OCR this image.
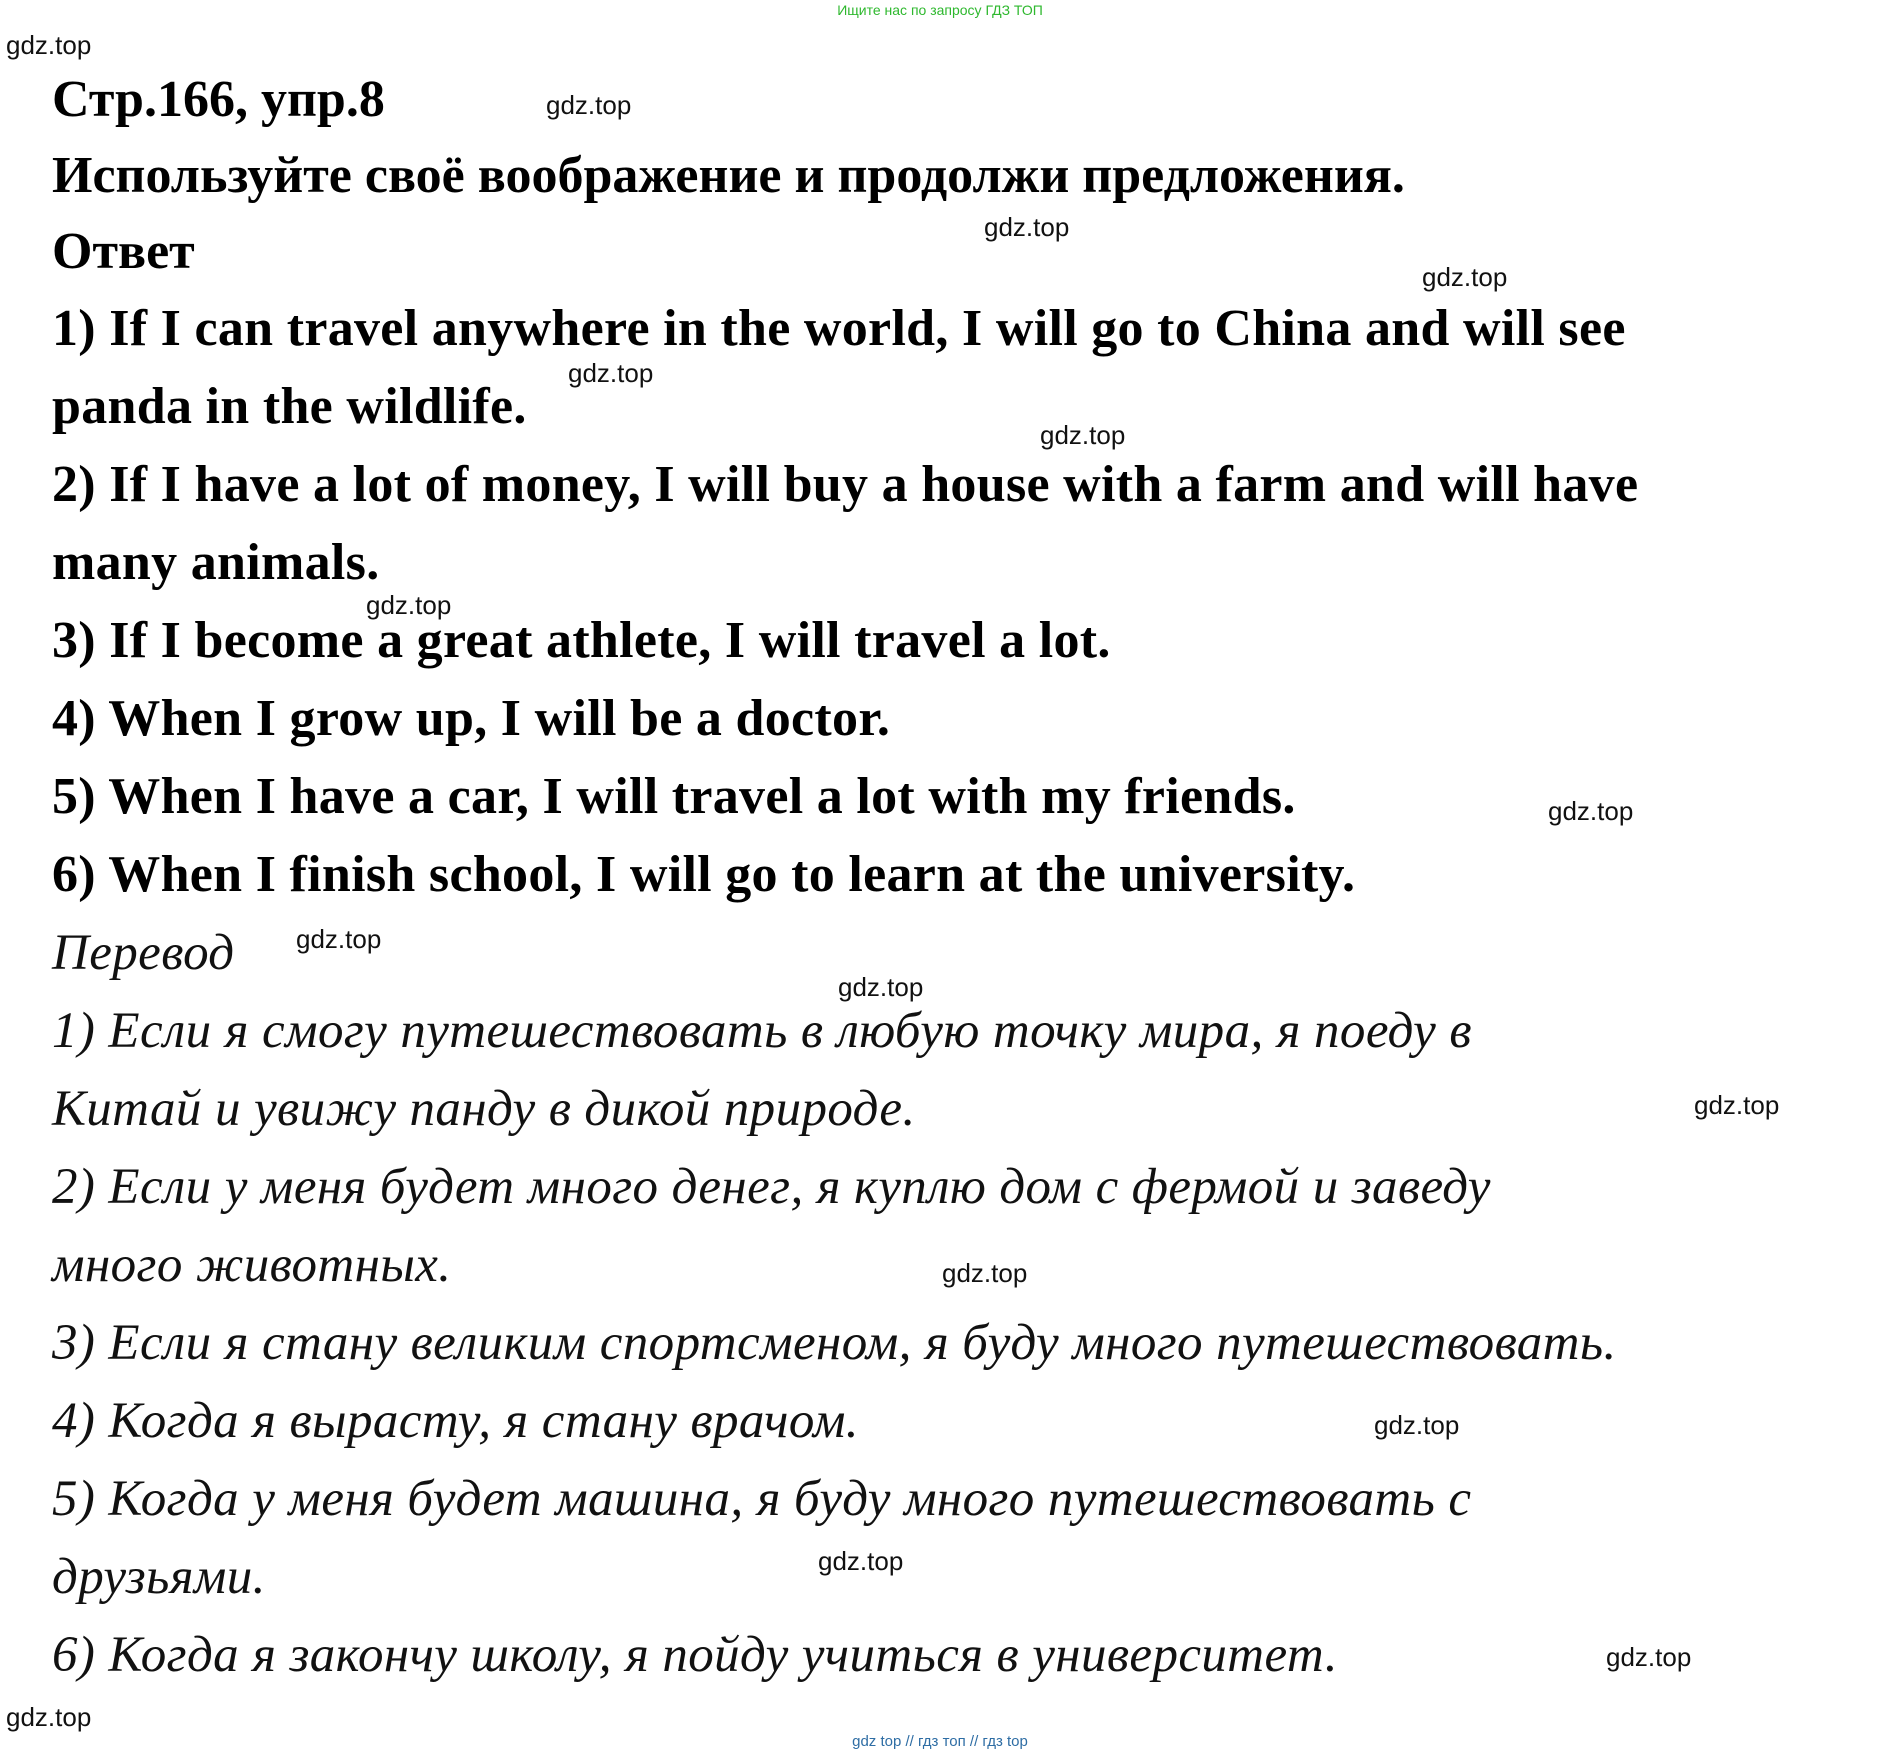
Ищите нас по запросу ГДЗ ТОП

Стр.166, упр.8

Используйте своё воображение и продолжи предложения.

Ответ

1) If I can travel anywhere in the world, I will go to China and will see

panda in the wildlife.

2) If I have a lot of money, I will buy a house with a farm and will have

many animals.

3) If I become a great athlete, I will travel a lot.

4) When I grow up, I will be a doctor.

5) When I have a car, I will travel a lot with my friends.

6) When I finish school, I will go to learn at the university.

Перевод

1) Если я смогу путешествовать в любую точку мира, я поеду в

Китай и увижу панду в дикой природе.

2) Если у меня будет много денег, я куплю дом с фермой и заведу

много животных.

3) Если я стану великим спортсменом, я буду много путешествовать.

4) Когда я вырасту, я стану врачом.

5) Когда у меня будет машина, я буду много путешествовать с

друзьями.

6) Когда я закончу школу, я пойду учиться в университет.

gdz.top
gdz.top
gdz.top
gdz.top
gdz.top
gdz.top
gdz.top
gdz.top
gdz.top
gdz.top
gdz.top
gdz.top
gdz.top
gdz.top
gdz.top
gdz.top
gdz top // гдз топ // гдз top
